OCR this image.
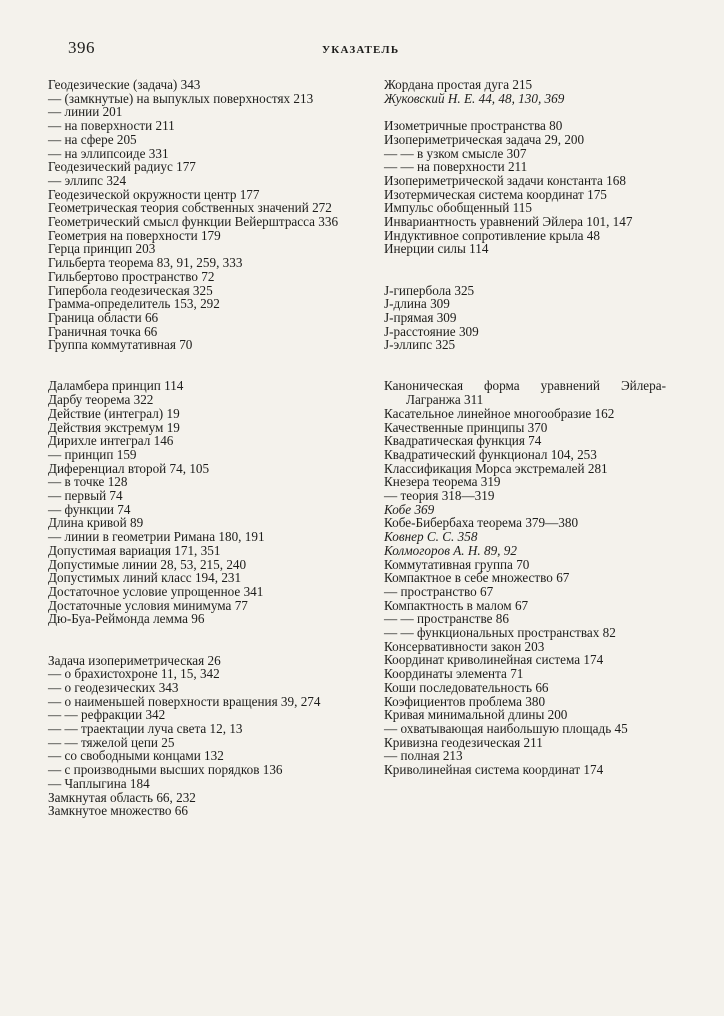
396	УКАЗАТЕЛЬ

Геодезические (задача) 343

— (замкнутые) на выпуклых поверхностях 213

— линии 201

— на поверхности 211

— на сфере 205

— на эллипсоиде 331

Геодезический радиус 177

— эллипс 324

Геодезической окружности центр 177

Геометрическая теория собственных значений 272

Геометрический смысл функции Вейерштрасса 336

Геометрия на поверхности 179

Герца принцип 203

Гильберта теорема 83, 91, 259, 333

Гильбертово пространство 72

Гипербола геодезическая 325

Грамма-определитель 153, 292

Граница области 66

Граничная точка 66

Группа коммутативная 70

Даламбера принцип 114

Дарбу теорема 322

Действие (интеграл) 19

Действия экстремум 19

Дирихле интеграл 146

— принцип 159

Диференциал второй 74, 105

— в точке 128

— первый 74

— функции 74

Длина кривой 89

— линии в геометрии Римана 180, 191

Допустимая вариация 171, 351

Допустимые линии 28, 53, 215, 240

Допустимых линий класс 194, 231

Достаточное условие упрощенное 341

Достаточные условия минимума 77

Дю-Буа-Реймонда лемма 96

Задача изопериметрическая 26

— о брахистохроне 11, 15, 342

— о геодезических 343

— о наименьшей поверхности вращения 39, 274

— — рефракции 342

— — траектации луча света 12, 13

— — тяжелой цепи 25

— со свободными концами 132

— с производными высших порядков 136

— Чаплыгина 184

Замкнутая область 66, 232

Замкнутое множество 66

Жордана простая дуга 215

Жуковский Н. Е. 44, 48, 130, 369

Изометричные пространства 80

Изопериметрическая задача 29, 200

— — в узком смысле 307

— — на поверхности 211

Изопериметрической задачи константа 168

Изотермическая система координат 175

Импульс обобщенный 115

Инвариантность уравнений Эйлера 101, 147

Индуктивное сопротивление крыла 48

Инерции силы 114

J-гипербола 325

J-длина 309

J-прямая 309

J-расстояние 309

J-эллипс 325

Каноническая форма уравнений Эйлера-Лагранжа 311

Касательное линейное многообразие 162

Качественные принципы 370

Квадратическая функция 74

Квадратический функционал 104, 253

Классификация Морса экстремалей 281

Кнезера теорема 319

— теория 318—319

Кобе 369

Кобе-Бибербаха теорема 379—380

Ковнер С. С. 358

Колмогоров А. Н. 89, 92

Коммутативная группа 70

Компактное в себе множество 67

— пространство 67

Компактность в малом 67

— — пространстве 86

— — функциональных пространствах 82

Консервативности закон 203

Координат криволинейная система 174

Координаты элемента 71

Коши последовательность 66

Коэфициентов проблема 380

Кривая минимальной длины 200

— охватывающая наибольшую площадь 45

Кривизна геодезическая 211

— полная 213

Криволинейная система координат 174
